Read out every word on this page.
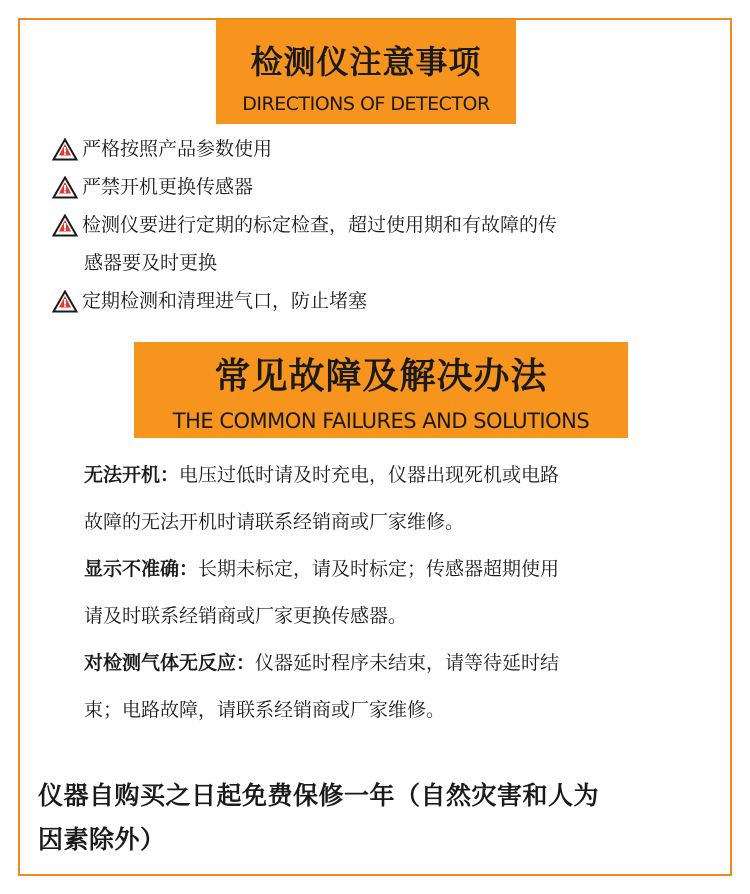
检测仪注意事项
DIRECTIONS OF DETECTOR
严格按照产品参数使用
严禁开机更换传感器
检测仪要进行定期的标定检查，超过使用期和有故障的传
感器要及时更换
定期检测和清理进气口，防止堵塞
常见故障及解决办法
THE COMMON FAILURES AND SOLUTIONS
无法开机：电压过低时请及时充电，仪器出现死机或电路
故障的无法开机时请联系经销商或厂家维修。
显示不准确：长期未标定，请及时标定；传感器超期使用
请及时联系经销商或厂家更换传感器。
对检测气体无反应：仪器延时程序未结束，请等待延时结
束；电路故障，请联系经销商或厂家维修。
仪器自购买之日起免费保修一年（自然灾害和人为
因素除外）
